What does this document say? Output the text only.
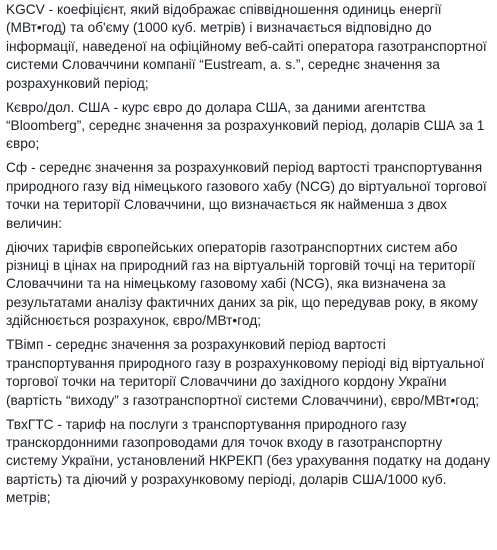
KGCV - коефіцієнт, який відображає співвідношення одиниць енергії (МВт•год) та об'єму (1000 куб. метрів) і визначається відповідно до інформації, наведеної на офіційному веб-сайті оператора газотранспортної системи Словаччини компанії “Eustream, a. s.”, середнє значення за розрахунковий період;

Кєвро/дол. США - курс євро до долара США, за даними агентства “Bloomberg”, середнє значення за розрахунковий період, доларів США за 1 євро;

Сф - середнє значення за розрахунковий період вартості транспортування природного газу від німецького газового хабу (NCG) до віртуальної торгової точки на території Словаччини, що визначається як найменша з двох величин:

діючих тарифів європейських операторів газотранспортних систем або різниці в цінах на природний газ на віртуальній торговій точці на території Словаччини та на німецькому газовому хабі (NCG), яка визначена за результатами аналізу фактичних даних за рік, що передував року, в якому здійснюється розрахунок, євро/МВт•год;

ТВімп - середнє значення за розрахунковий період вартості транспортування природного газу в розрахунковому періоді від віртуальної торгової точки на території Словаччини до західного кордону України (вартість “виходу” з газотранспортної системи Словаччини), євро/МВт•год;

ТвхГТС - тариф на послуги з транспортування природного газу транскордонними газопроводами для точок входу в газотранспортну систему України, установлений НКРЕКП (без урахування податку на додану вартість) та діючий у розрахунковому періоді, доларів США/1000 куб. метрів;
